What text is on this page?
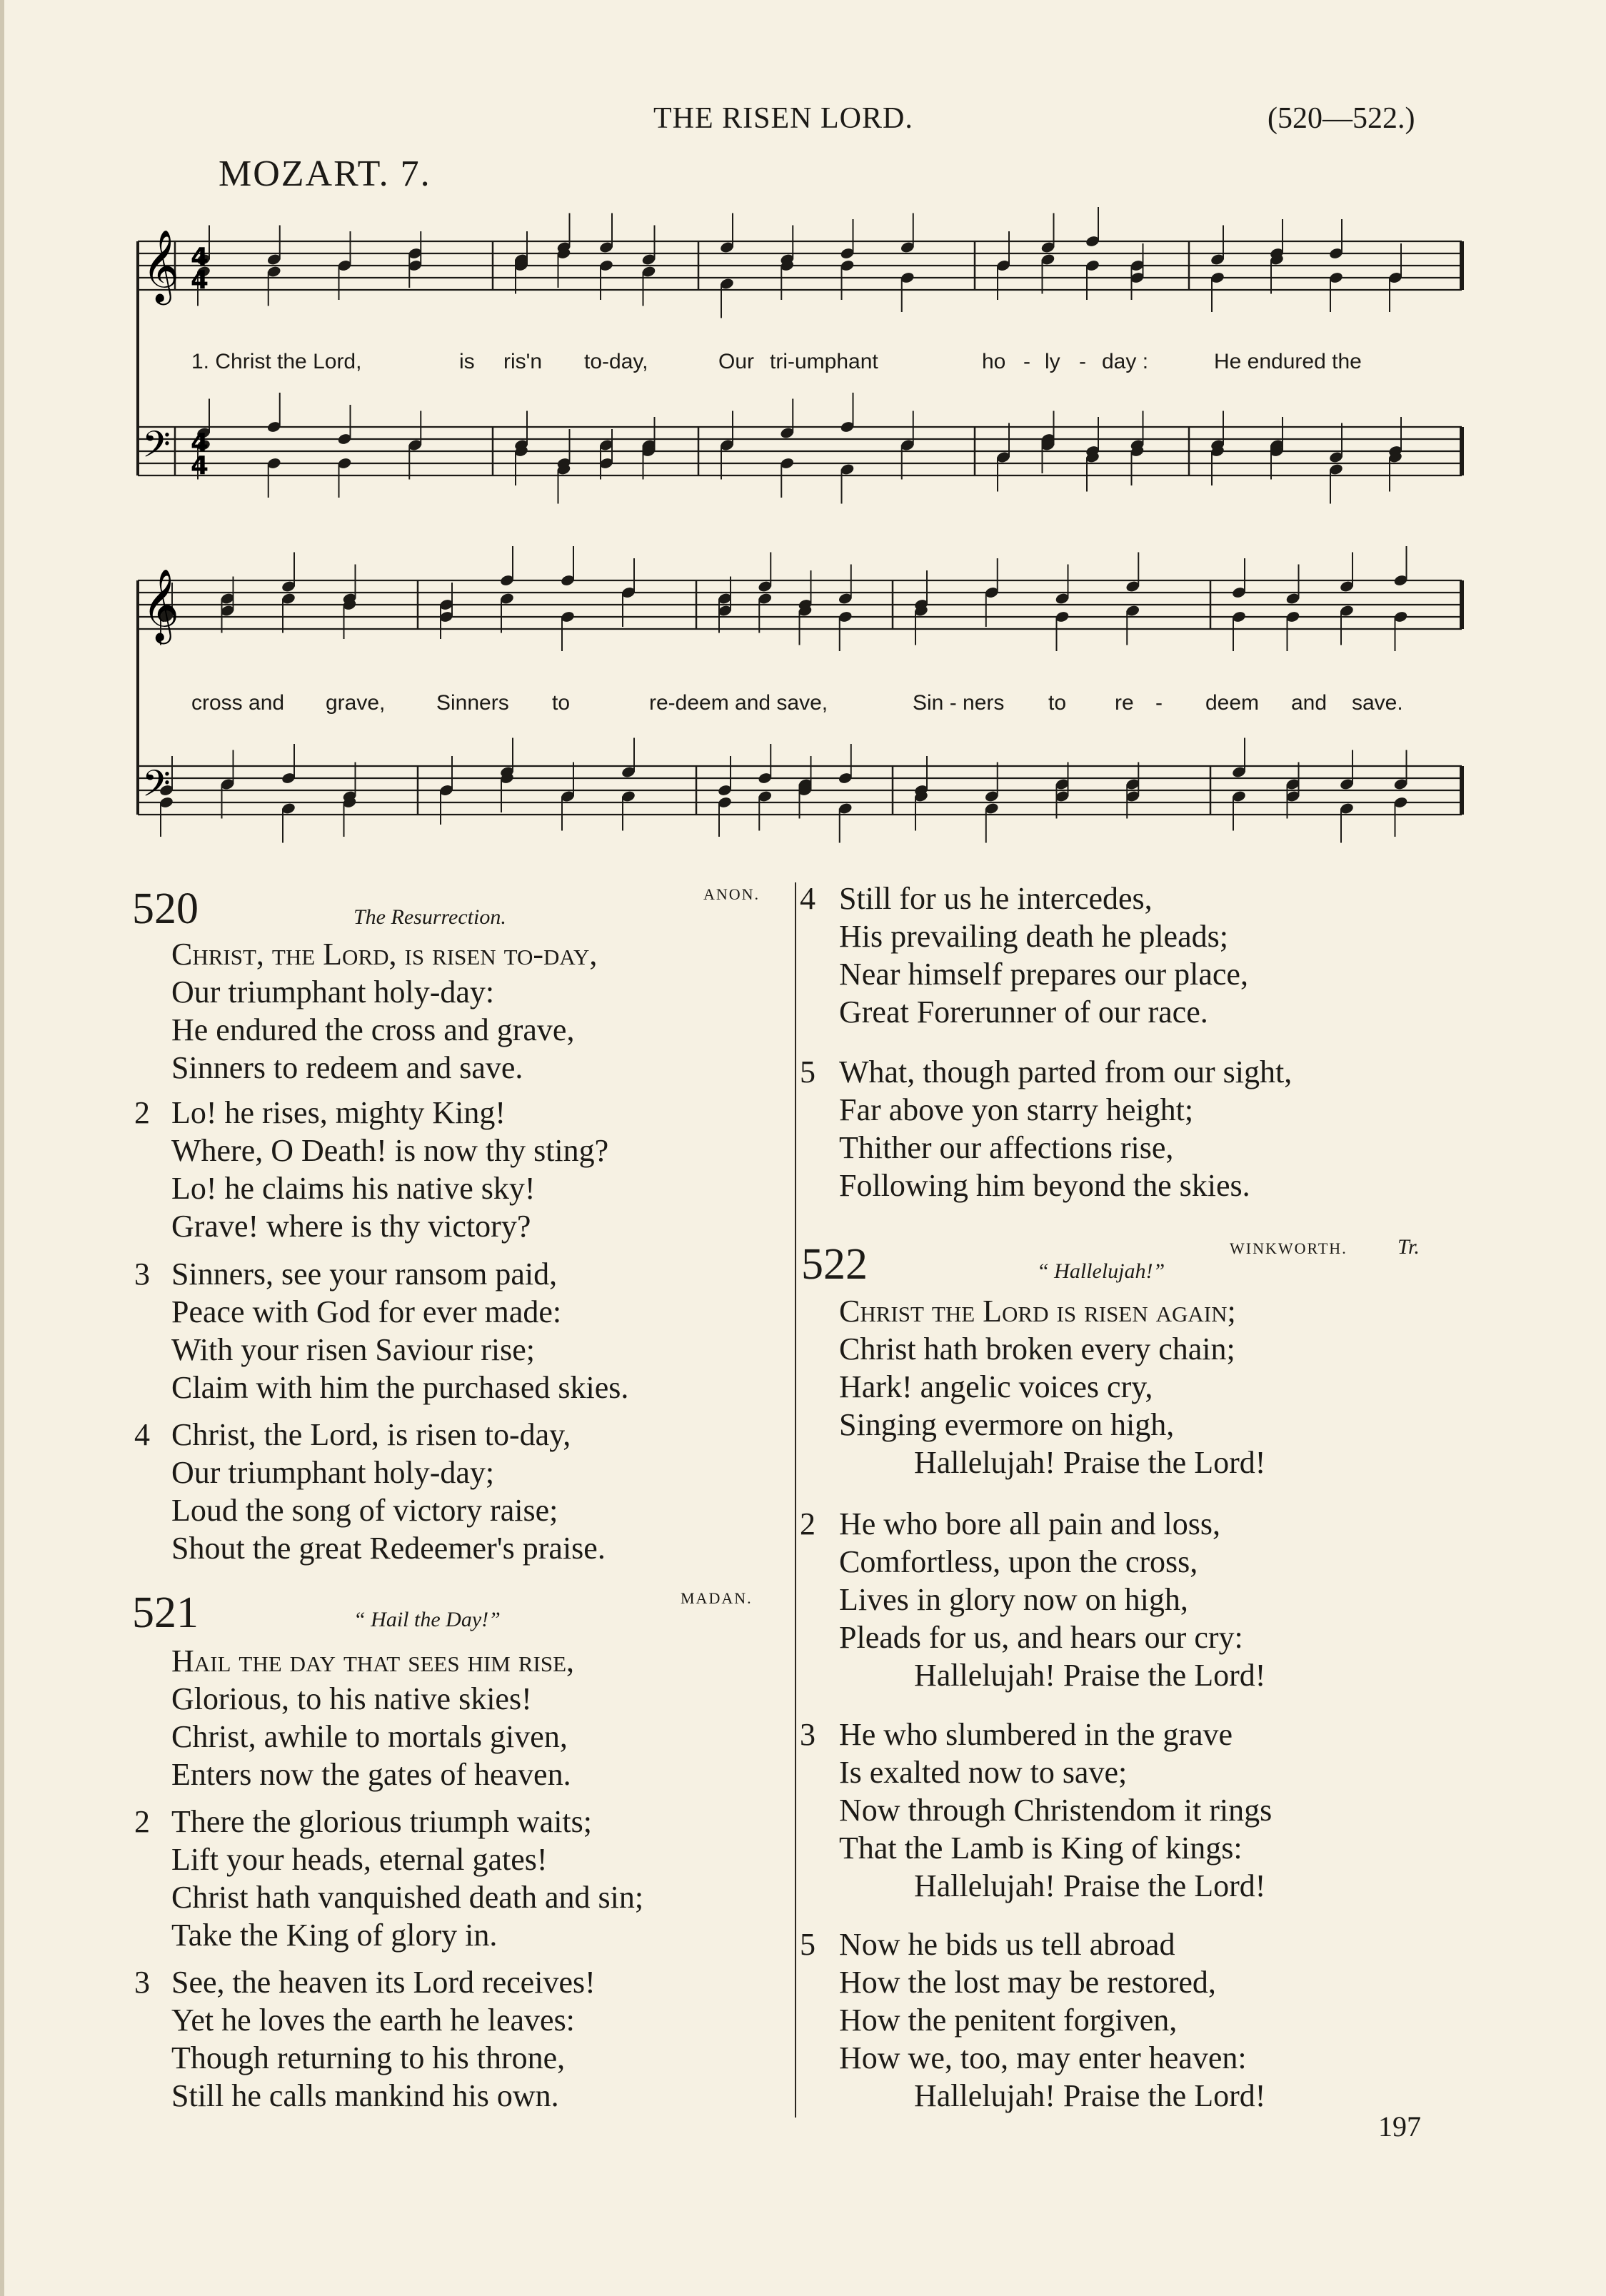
THE RISEN LORD.	(520—522.)
MOZART. 7.
𝄞
𝄢
4
4
4
4
1. Christ the Lord,	is ris'n to-day,	Our tri-umphant	ho - ly - day :	He endured the
𝄞
𝄢
cross and grave, Sinners to	re-deem and save,	Sin - ners to re - deem and save.
520	The Resurrection.
ANON.
Christ, the Lord, is risen to-day,
Our triumphant holy-day:
He endured the cross and grave,
Sinners to redeem and save.
2 Lo! he rises, mighty King!
Where, O Death! is now thy sting?
Lo! he claims his native sky!
Grave! where is thy victory?
3 Sinners, see your ransom paid,
Peace with God for ever made:
With your risen Saviour rise;
Claim with him the purchased skies.
4 Christ, the Lord, is risen to-day,
Our triumphant holy-day;
Loud the song of victory raise;
Shout the great Redeemer's praise.
521	“ Hail the Day!”
MADAN.
Hail the day that sees him rise,
Glorious, to his native skies!
Christ, awhile to mortals given,
Enters now the gates of heaven.
2 There the glorious triumph waits;
Lift your heads, eternal gates!
Christ hath vanquished death and sin;
Take the King of glory in.
3 See, the heaven its Lord receives!
Yet he loves the earth he leaves:
Though returning to his throne,
Still he calls mankind his own.
4 Still for us he intercedes,
His prevailing death he pleads;
Near himself prepares our place,
Great Forerunner of our race.
5 What, though parted from our sight,
Far above yon starry height;
Thither our affections rise,
Following him beyond the skies.
522	“ Hallelujah!”
WINKWORTH. Tr.
Christ the Lord is risen again;
Christ hath broken every chain;
Hark! angelic voices cry,
Singing evermore on high,
Hallelujah! Praise the Lord!
2 He who bore all pain and loss,
Comfortless, upon the cross,
Lives in glory now on high,
Pleads for us, and hears our cry:
Hallelujah! Praise the Lord!
3 He who slumbered in the grave
Is exalted now to save;
Now through Christendom it rings
That the Lamb is King of kings:
Hallelujah! Praise the Lord!
5 Now he bids us tell abroad
How the lost may be restored,
How the penitent forgiven,
How we, too, may enter heaven:
Hallelujah! Praise the Lord!
197
